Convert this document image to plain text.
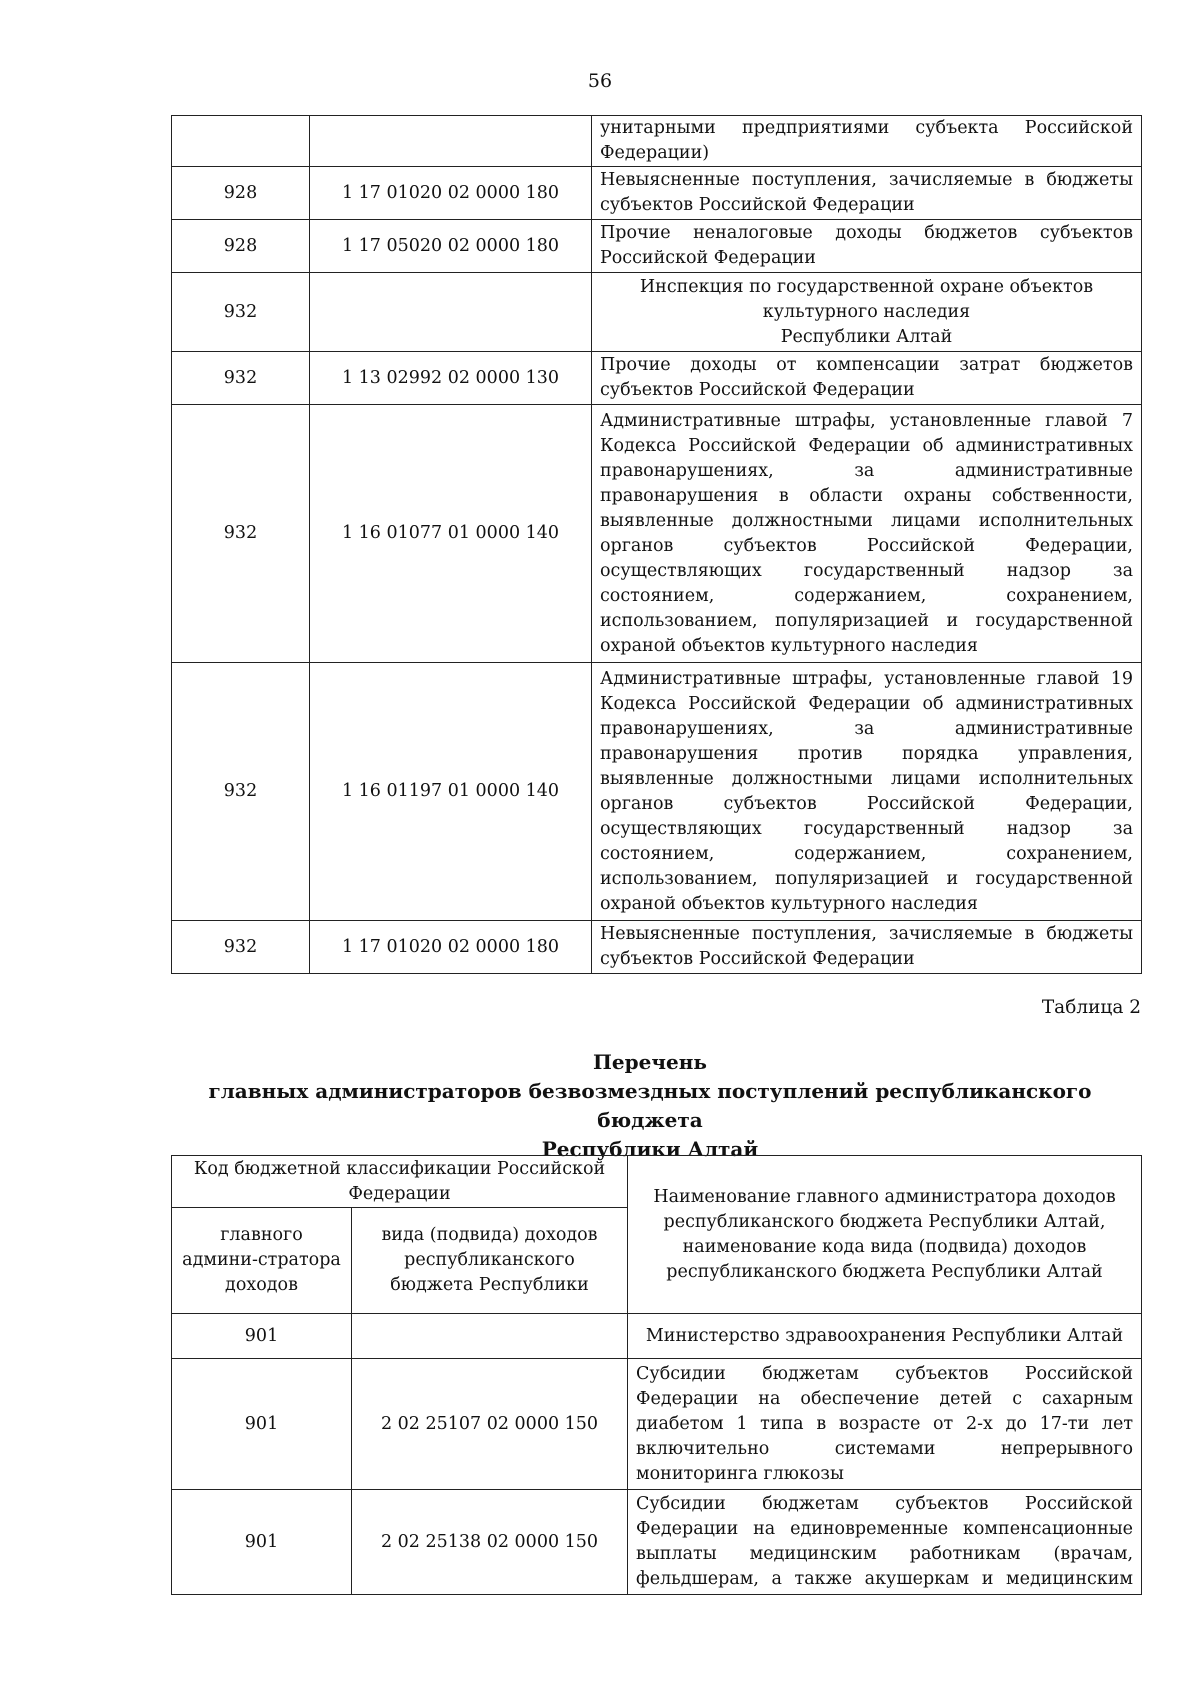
56
		унитарными предприятиями субъекта Российской Федерации)
928	1 17 01020 02 0000 180	Невыясненные поступления, зачисляемые в бюджеты субъектов Российской Федерации
928	1 17 05020 02 0000 180	Прочие неналоговые доходы бюджетов субъектов Российской Федерации
932		Инспекция по государственной охране объектов
культурного наследия
Республики Алтай

932	1 13 02992 02 0000 130	Прочие доходы от компенсации затрат бюджетов субъектов Российской Федерации
932	1 16 01077 01 0000 140	Административные штрафы, установленные главой 7 Кодекса Российской Федерации об административных правонарушениях, за административные правонарушения в области охраны собственности, выявленные должностными лицами исполнительных органов субъектов Российской Федерации, осуществляющих государственный надзор за состоянием, содержанием, сохранением, использованием, популяризацией и государственной охраной объектов культурного наследия
932	1 16 01197 01 0000 140	Административные штрафы, установленные главой 19 Кодекса Российской Федерации об административных правонарушениях, за административные правонарушения против порядка управления, выявленные должностными лицами исполнительных органов субъектов Российской Федерации, осуществляющих государственный надзор за состоянием, содержанием, сохранением, использованием, популяризацией и государственной охраной объектов культурного наследия
932	1 17 01020 02 0000 180	Невыясненные поступления, зачисляемые в бюджеты субъектов Российской Федерации
Таблица 2
Перечень
главных администраторов безвозмездных поступлений республиканского бюджета
Республики Алтай
Код бюджетной классификации Российской Федерации		Наименование главного администратора доходов республиканского бюджета Республики Алтай, наименование кода вида (подвида) доходов республиканского бюджета Республики Алтай
главного админи-стратора доходов	вида (подвида) доходов республиканского бюджета Республики	
901		Министерство здравоохранения Республики Алтай
901	2 02 25107 02 0000 150	Субсидии бюджетам субъектов Российской Федерации на обеспечение детей с сахарным диабетом 1 типа в возрасте от 2-х до 17-ти лет включительно системами непрерывного мониторинга глюкозы
901	2 02 25138 02 0000 150	Субсидии бюджетам субъектов Российской Федерации на единовременные компенсационные выплаты медицинским работникам (врачам, фельдшерам, а также акушеркам и медицинским
